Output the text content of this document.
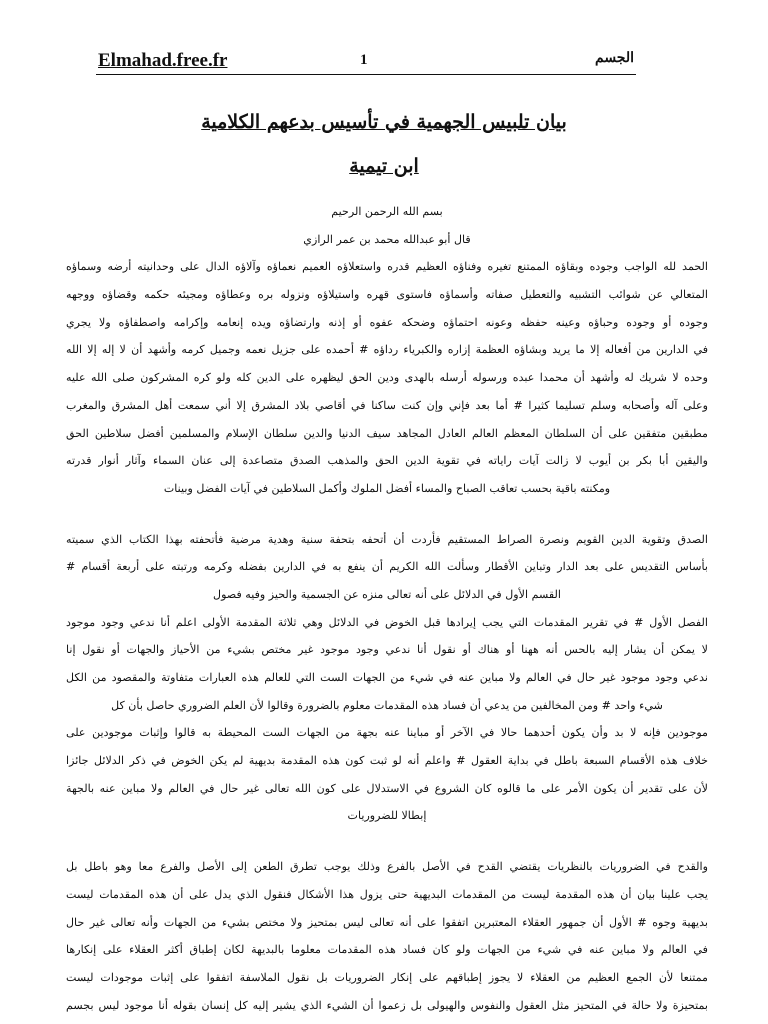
Elmahad.free.fr	1	الجسم
بيان تلبيس الجهمية في تأسيس بدعهم الكلامية
ابن تيمية
بسم الله الرحمن الرحيم
قال أبو عبدالله محمد بن عمر الرازي
الحمد لله الواجب وجوده وبقاؤه الممتنع تغيره وفناؤه العظيم قدره واستعلاؤه العميم نعماؤه وآلاؤه الدال على وحدانيته أرضه وسماؤه
المتعالي عن شوائب التشبيه والتعطيل صفاته وأسماؤه فاستوى قهره واستيلاؤه ونزوله بره وعطاؤه ومجيئه حكمه وقضاؤه ووجهه
وجوده أو وجوده وحباؤه وعينه حفظه وعونه احتماؤه وضحكه عفوه أو إذنه وارتضاؤه ويده إنعامه وإكرامه واصطفاؤه ولا يجري
في الدارين من أفعاله إلا ما يريد وبشاؤه العظمة إزاره والكبرياء رداؤه # أحمده على جزيل نعمه وجميل كرمه وأشهد أن لا إله إلا الله
وحده لا شريك له وأشهد أن محمدا عبده ورسوله أرسله بالهدى ودين الحق ليظهره على الدين كله ولو كره المشركون صلى الله عليه
وعلى آله وأصحابه وسلم تسليما كثيرا # أما بعد فإني وإن كنت ساكنا في أقاصي بلاد المشرق إلا أني سمعت أهل المشرق والمغرب
مطبقين متفقين على أن السلطان المعظم العالم العادل المجاهد سيف الدنيا والدين سلطان الإسلام والمسلمين أفضل سلاطين الحق
واليقين أبا بكر بن أيوب لا زالت آيات راياته في تقوية الدين الحق والمذهب الصدق متصاعدة إلى عنان السماء وآثار أنوار قدرته
ومكنته باقية بحسب تعاقب الصباح والمساء أفضل الملوك وأكمل السلاطين في آيات الفضل وبينات
الصدق وتقوية الدين القويم ونصرة الصراط المستقيم فأردت أن أتحفه بتحفة سنية وهدية مرضية فأتحفته بهذا الكتاب الذي سميته
بأساس التقديس على بعد الدار وتباين الأقطار وسألت الله الكريم أن ينفع به في الدارين بفضله وكرمه ورتبته على أربعة أقسام #
القسم الأول في الدلائل على أنه تعالى منزه عن الجسمية والحيز وفيه فصول
الفصل الأول # في تقرير المقدمات التي يجب إيرادها قبل الخوض في الدلائل وهي ثلاثة المقدمة الأولى اعلم أنا ندعي وجود موجود
لا يمكن أن يشار إليه بالحس أنه ههنا أو هناك أو نقول أنا ندعي وجود موجود غير مختص بشيء من الأحياز والجهات أو نقول إنا
ندعي وجود موجود غير حال في العالم ولا مباين عنه في شيء من الجهات الست التي للعالم هذه العبارات متفاوتة والمقصود من الكل
شيء واحد # ومن المخالفين من يدعي أن فساد هذه المقدمات معلوم بالضرورة وقالوا لأن العلم الضروري حاصل بأن كل
موجودين فإنه لا بد وأن يكون أحدهما حالا في الآخر أو مباينا عنه بجهة من الجهات الست المحيطة به قالوا وإثبات موجودين على
خلاف هذه الأقسام السبعة باطل في بداية العقول # واعلم أنه لو ثبت كون هذه المقدمة بديهية لم يكن الخوض في ذكر الدلائل جائزا
لأن على تقدير أن يكون الأمر على ما قالوه كان الشروع في الاستدلال على كون الله تعالى غير حال في العالم ولا مباين عنه بالجهة
إبطالا للضروريات
والقدح في الضروريات بالنظريات يقتضي القدح في الأصل بالفرع وذلك يوجب تطرق الطعن إلى الأصل والفرع معا وهو باطل بل
يجب علينا بيان أن هذه المقدمة ليست من المقدمات البديهية حتى يزول هذا الأشكال فنقول الذي يدل على أن هذه المقدمات ليست
بديهية وجوه # الأول أن جمهور العقلاء المعتبرين اتفقوا على أنه تعالى ليس بمتحيز ولا مختص بشيء من الجهات وأنه تعالى غير حال
في العالم ولا مباين عنه في شيء من الجهات ولو كان فساد هذه المقدمات معلوما بالبديهة لكان إطباق أكثر العقلاء على إنكارها
ممتنعا لأن الجمع العظيم من العقلاء لا يجوز إطباقهم على إنكار الضروريات بل نقول الملاسفة اتفقوا على إثبات موجودات ليست
بمتحيزة ولا حالة في المتحيز مثل العقول والنفوس والهيولى بل زعموا أن الشيء الذي يشير إليه كل إنسان بقوله أنا موجود ليس بجسم
